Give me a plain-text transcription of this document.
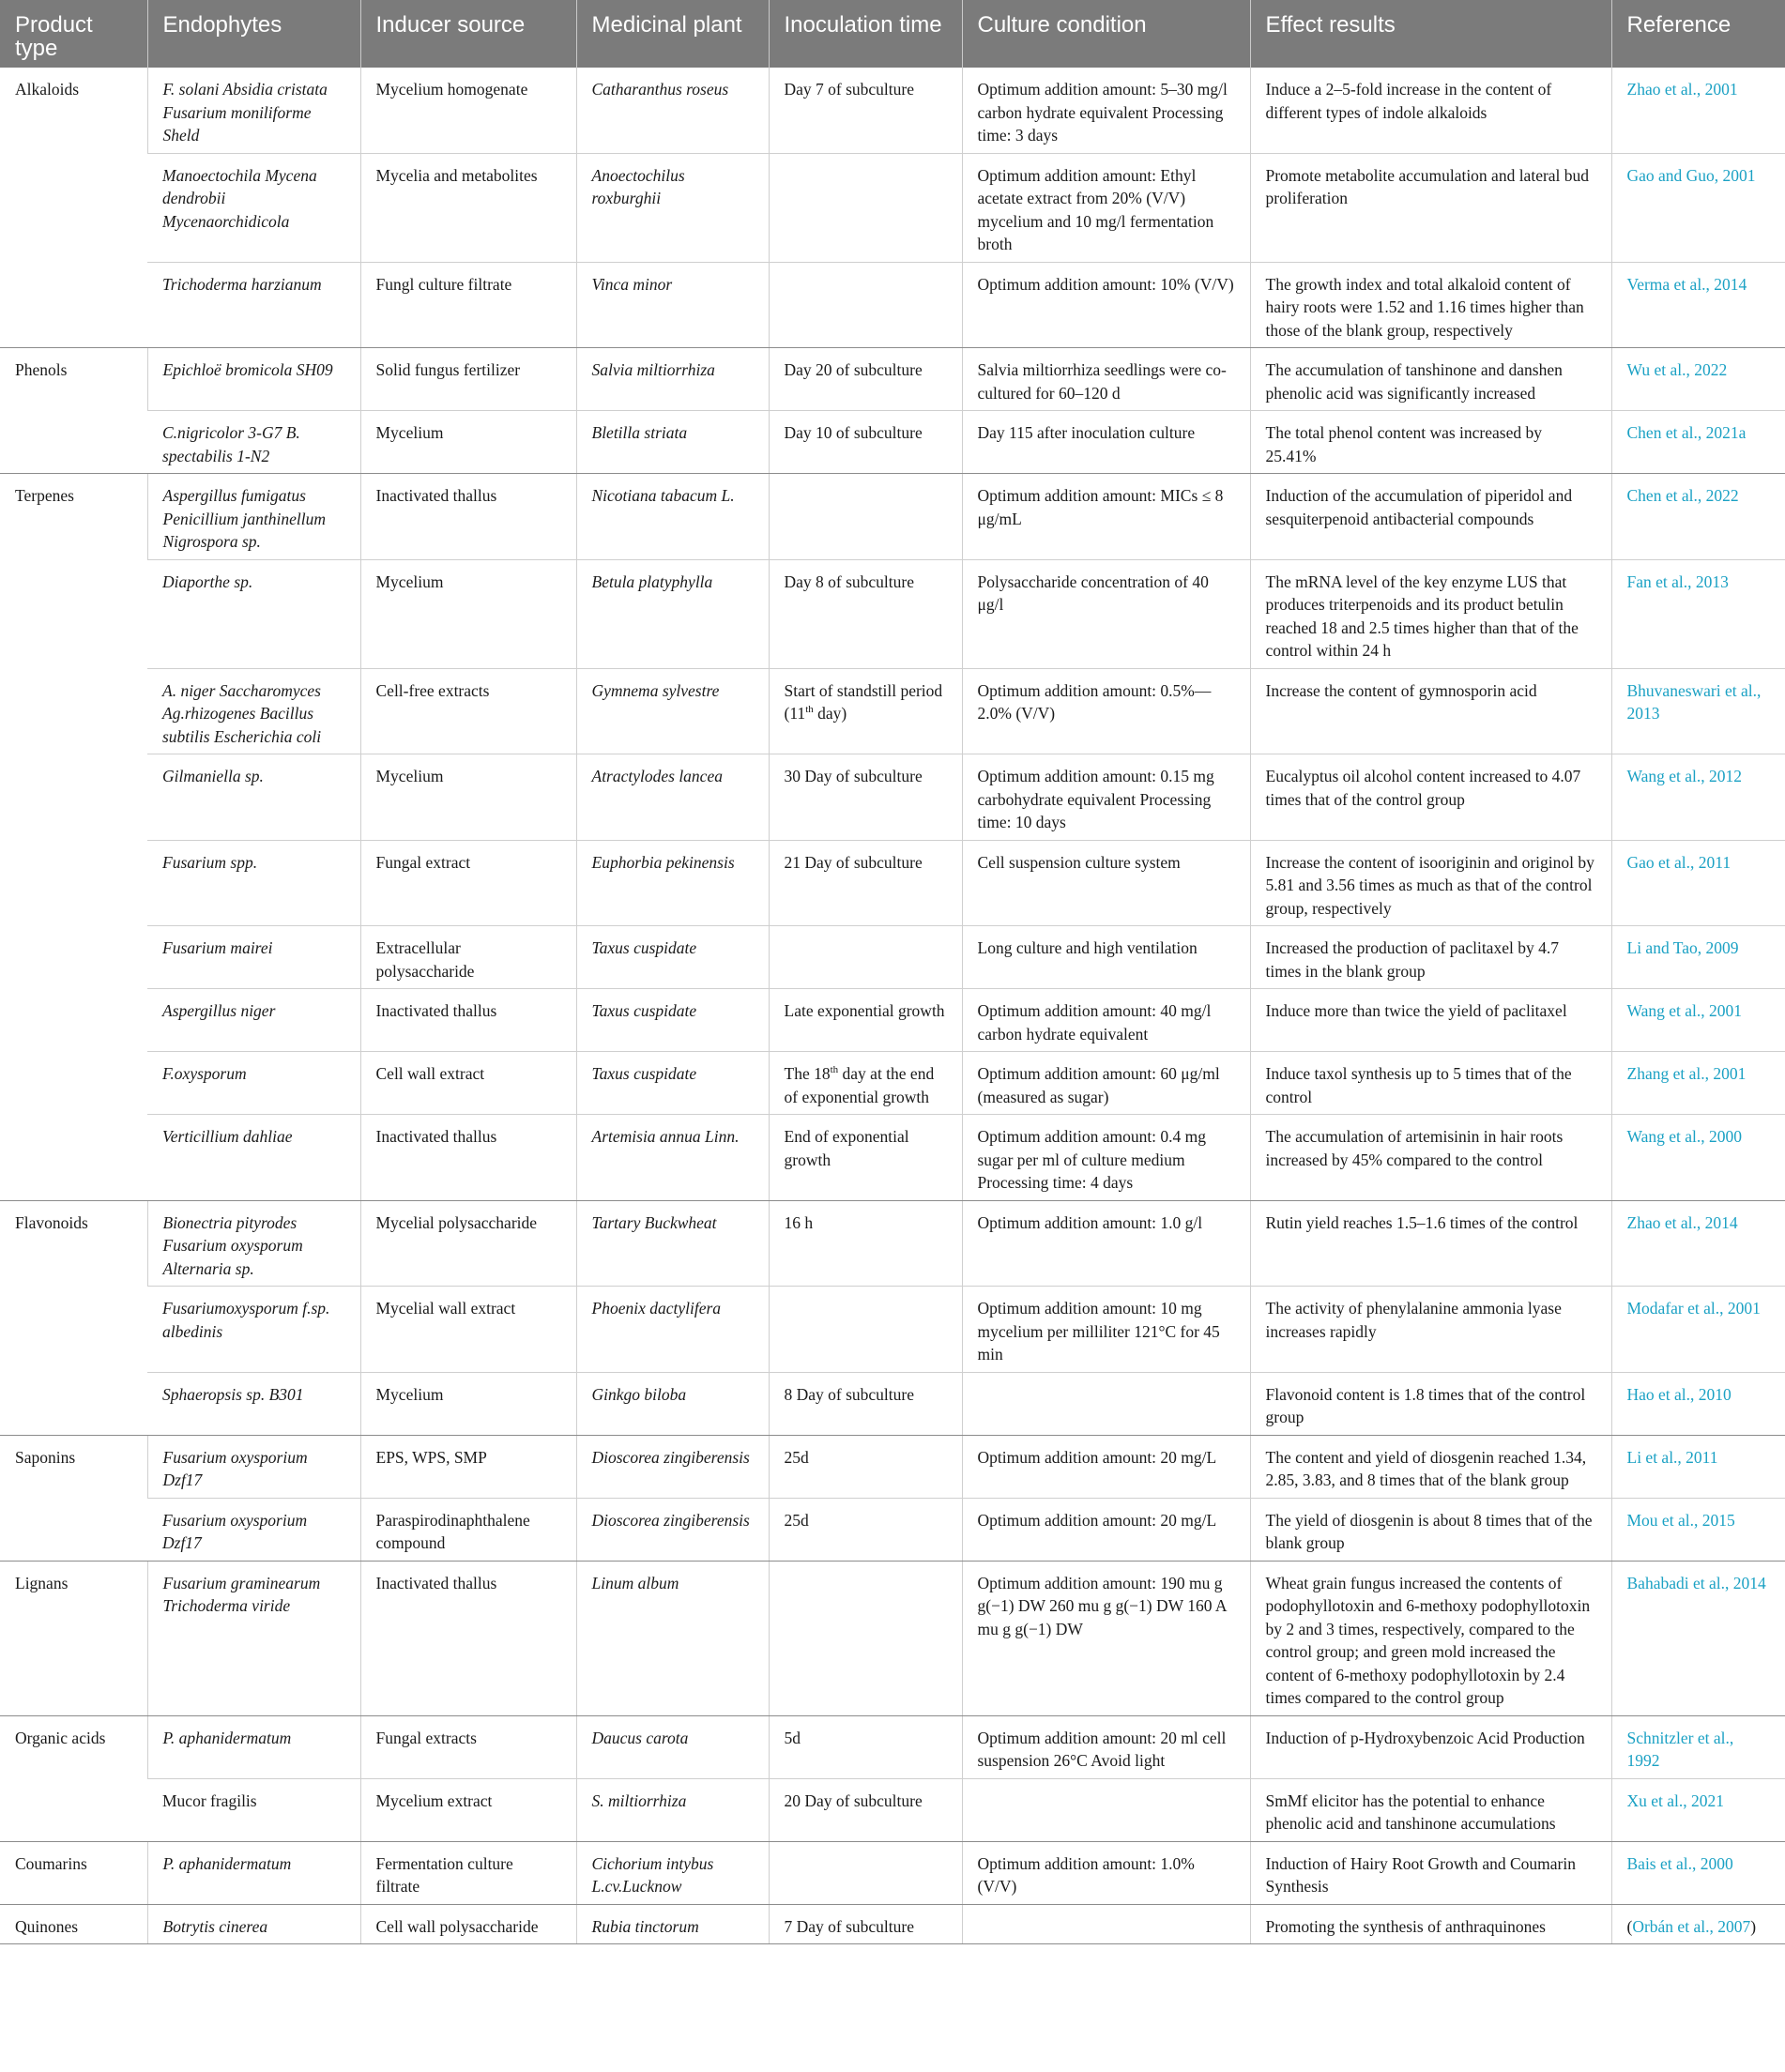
Product type	Endophytes	Inducer source	Medicinal plant	Inoculation time	Culture condition	Effect results	Reference
Alkaloids	F. solani Absidia cristata Fusarium moniliforme Sheld	Mycelium homogenate	Catharanthus roseus	Day 7 of subculture	Optimum addition amount: 5–30 mg/l carbon hydrate equivalent Processing time: 3 days	Induce a 2–5-fold increase in the content of different types of indole alkaloids	Zhao et al., 2001
	Manoectochila Mycena dendrobii Mycenaorchidicola	Mycelia and metabolites	Anoectochilus roxburghii		Optimum addition amount: Ethyl acetate extract from 20% (V/V) mycelium and 10 mg/l fermentation broth	Promote metabolite accumulation and lateral bud proliferation	Gao and Guo, 2001
	Trichoderma harzianum	Fungl culture filtrate	Vinca minor		Optimum addition amount: 10% (V/V)	The growth index and total alkaloid content of hairy roots were 1.52 and 1.16 times higher than those of the blank group, respectively	Verma et al., 2014
Phenols	Epichloë bromicola SH09	Solid fungus fertilizer	Salvia miltiorrhiza	Day 20 of subculture	Salvia miltiorrhiza seedlings were co-cultured for 60–120 d	The accumulation of tanshinone and danshen phenolic acid was significantly increased	Wu et al., 2022
	C.nigricolor 3-G7 B. spectabilis 1-N2	Mycelium	Bletilla striata	Day 10 of subculture	Day 115 after inoculation culture	The total phenol content was increased by 25.41%	Chen et al., 2021a
Terpenes	Aspergillus fumigatus Penicillium janthinellum Nigrospora sp.	Inactivated thallus	Nicotiana tabacum L.		Optimum addition amount: MICs ≤ 8 μg/mL	Induction of the accumulation of piperidol and sesquiterpenoid antibacterial compounds	Chen et al., 2022
	Diaporthe sp.	Mycelium	Betula platyphylla	Day 8 of subculture	Polysaccharide concentration of 40 μg/l	The mRNA level of the key enzyme LUS that produces triterpenoids and its product betulin reached 18 and 2.5 times higher than that of the control within 24 h	Fan et al., 2013
	A. niger Saccharomyces Ag.rhizogenes Bacillus subtilis Escherichia coli	Cell-free extracts	Gymnema sylvestre	Start of standstill period (11th day)	Optimum addition amount: 0.5%—2.0% (V/V)	Increase the content of gymnosporin acid	Bhuvaneswari et al., 2013
	Gilmaniella sp.	Mycelium	Atractylodes lancea	30 Day of subculture	Optimum addition amount: 0.15 mg carbohydrate equivalent Processing time: 10 days	Eucalyptus oil alcohol content increased to 4.07 times that of the control group	Wang et al., 2012
	Fusarium spp.	Fungal extract	Euphorbia pekinensis	21 Day of subculture	Cell suspension culture system	Increase the content of isooriginin and originol by 5.81 and 3.56 times as much as that of the control group, respectively	Gao et al., 2011
	Fusarium mairei	Extracellular polysaccharide	Taxus cuspidate		Long culture and high ventilation	Increased the production of paclitaxel by 4.7 times in the blank group	Li and Tao, 2009
	Aspergillus niger	Inactivated thallus	Taxus cuspidate	Late exponential growth	Optimum addition amount: 40 mg/l carbon hydrate equivalent	Induce more than twice the yield of paclitaxel	Wang et al., 2001
	F.oxysporum	Cell wall extract	Taxus cuspidate	The 18th day at the end of exponential growth	Optimum addition amount: 60 μg/ml (measured as sugar)	Induce taxol synthesis up to 5 times that of the control	Zhang et al., 2001
	Verticillium dahliae	Inactivated thallus	Artemisia annua Linn.	End of exponential growth	Optimum addition amount: 0.4 mg sugar per ml of culture medium Processing time: 4 days	The accumulation of artemisinin in hair roots increased by 45% compared to the control	Wang et al., 2000
Flavonoids	Bionectria pityrodes Fusarium oxysporum Alternaria sp.	Mycelial polysaccharide	Tartary Buckwheat	16 h	Optimum addition amount: 1.0 g/l	Rutin yield reaches 1.5–1.6 times of the control	Zhao et al., 2014
	Fusariumoxysporum f.sp. albedinis	Mycelial wall extract	Phoenix dactylifera		Optimum addition amount: 10 mg mycelium per milliliter 121°C for 45 min	The activity of phenylalanine ammonia lyase increases rapidly	Modafar et al., 2001
	Sphaeropsis sp. B301	Mycelium	Ginkgo biloba	8 Day of subculture		Flavonoid content is 1.8 times that of the control group	Hao et al., 2010
Saponins	Fusarium oxysporium Dzf17	EPS, WPS, SMP	Dioscorea zingiberensis	25d	Optimum addition amount: 20 mg/L	The content and yield of diosgenin reached 1.34, 2.85, 3.83, and 8 times that of the blank group	Li et al., 2011
	Fusarium oxysporium Dzf17	Paraspirodinaphthalene compound	Dioscorea zingiberensis	25d	Optimum addition amount: 20 mg/L	The yield of diosgenin is about 8 times that of the blank group	Mou et al., 2015
Lignans	Fusarium graminearum Trichoderma viride	Inactivated thallus	Linum album		Optimum addition amount: 190 mu g g(−1) DW 260 mu g g(−1) DW 160 A mu g g(−1) DW	Wheat grain fungus increased the contents of podophyllotoxin and 6-methoxy podophyllotoxin by 2 and 3 times, respectively, compared to the control group; and green mold increased the content of 6-methoxy podophyllotoxin by 2.4 times compared to the control group	Bahabadi et al., 2014
Organic acids	P. aphanidermatum	Fungal extracts	Daucus carota	5d	Optimum addition amount: 20 ml cell suspension 26°C Avoid light	Induction of p-Hydroxybenzoic Acid Production	Schnitzler et al., 1992
	Mucor fragilis	Mycelium extract	S. miltiorrhiza	20 Day of subculture		SmMf elicitor has the potential to enhance phenolic acid and tanshinone accumulations	Xu et al., 2021
Coumarins	P. aphanidermatum	Fermentation culture filtrate	Cichorium intybus L.cv.Lucknow		Optimum addition amount: 1.0% (V/V)	Induction of Hairy Root Growth and Coumarin Synthesis	Bais et al., 2000
Quinones	Botrytis cinerea	Cell wall polysaccharide	Rubia tinctorum	7 Day of subculture		Promoting the synthesis of anthraquinones	(Orbán et al., 2007)
